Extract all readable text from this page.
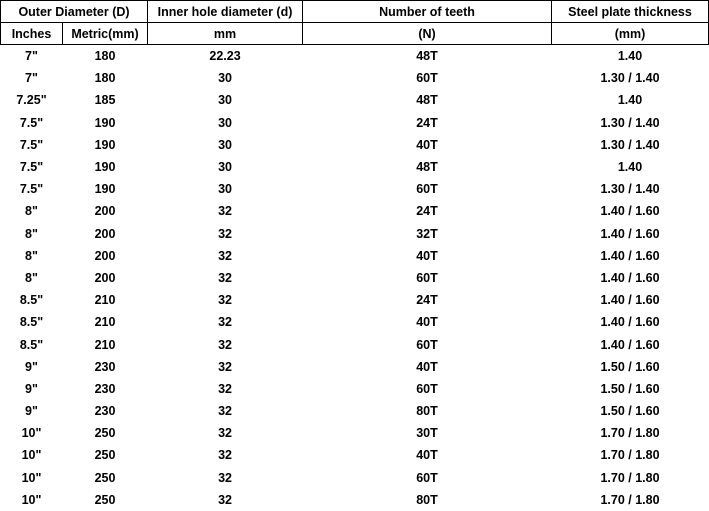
Outer Diameter (D)		Inner hole diameter (d)	Number of teeth	Steel plate thickness
Inches	Metric(mm)	mm	(N)	(mm)
7"	180	22.23	48T	1.40
7"	180	30	60T	1.30 / 1.40
7.25"	185	30	48T	1.40
7.5"	190	30	24T	1.30 / 1.40
7.5"	190	30	40T	1.30 / 1.40
7.5"	190	30	48T	1.40
7.5"	190	30	60T	1.30 / 1.40
8"	200	32	24T	1.40 / 1.60
8"	200	32	32T	1.40 / 1.60
8"	200	32	40T	1.40 / 1.60
8"	200	32	60T	1.40 / 1.60
8.5"	210	32	24T	1.40 / 1.60
8.5"	210	32	40T	1.40 / 1.60
8.5"	210	32	60T	1.40 / 1.60
9"	230	32	40T	1.50 / 1.60
9"	230	32	60T	1.50 / 1.60
9"	230	32	80T	1.50 / 1.60
10"	250	32	30T	1.70 / 1.80
10"	250	32	40T	1.70 / 1.80
10"	250	32	60T	1.70 / 1.80
10"	250	32	80T	1.70 / 1.80
